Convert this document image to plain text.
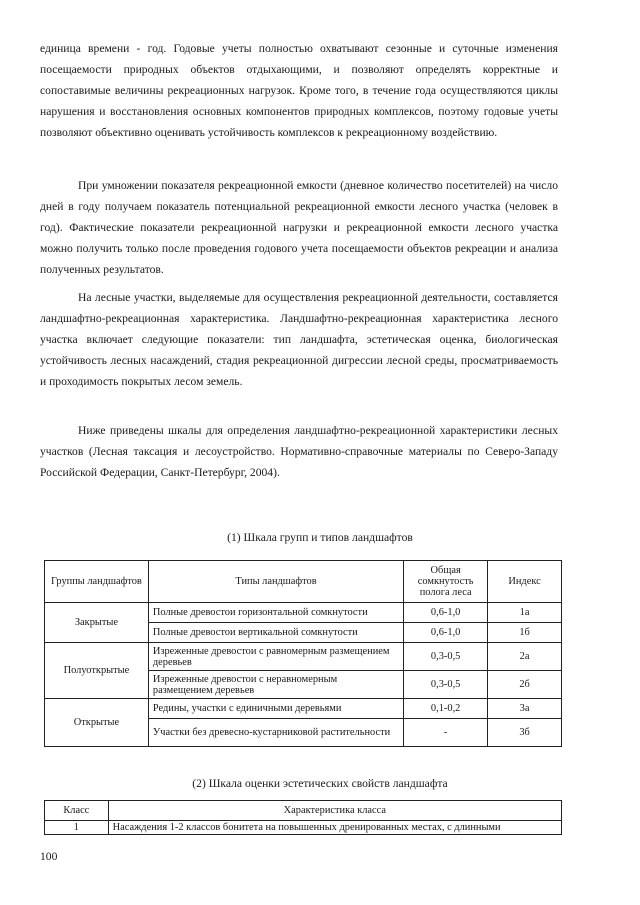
единица времени - год. Годовые учеты полностью охватывают сезонные и суточные изменения посещаемости природных объектов отдыхающими, и позволяют определять корректные и сопоставимые величины рекреационных нагрузок. Кроме того, в течение года осуществляются циклы нарушения и восстановления основных компонентов природных комплексов, поэтому годовые учеты позволяют объективно оценивать устойчивость комплексов к рекреационному воздействию.

При умножении показателя рекреационной емкости (дневное количество посетителей) на число дней в году получаем показатель потенциальной рекреационной емкости лесного участка (человек в год). Фактические показатели рекреационной нагрузки и рекреационной емкости лесного участка можно получить только после проведения годового учета посещаемости объектов рекреации и анализа полученных результатов.

На лесные участки, выделяемые для осуществления рекреационной деятельности, составляется ландшафтно-рекреационная характеристика. Ландшафтно-рекреационная характеристика лесного участка включает следующие показатели: тип ландшафта, эстетическая оценка, биологическая устойчивость лесных насаждений, стадия рекреационной дигрессии лесной среды, просматриваемость и проходимость покрытых лесом земель.

Ниже приведены шкалы для определения ландшафтно-рекреационной характеристики лесных участков (Лесная таксация и лесоустройство. Нормативно-справочные материалы по Северо-Западу Российской Федерации, Санкт-Петербург, 2004).

(1) Шкала групп и типов ландшафтов
Группы ландшафтов	Типы ландшафтов	Общая сомкнутость полога леса	Индекс
Закрытые	Полные древостои горизонтальной сомкнутости	0,6-1,0	1а
	Полные древостои вертикальной сомкнутости	0,6-1,0	1б
Полуоткрытые	Изреженные древостои с равномерным размещением деревьев	0,3-0,5	2а
	Изреженные древостои с неравномерным размещением деревьев	0,3-0,5	2б
Открытые	Редины, участки с единичными деревьями	0,1-0,2	3а
	Участки без древесно-кустарниковой растительности	-	3б
(2) Шкала оценки эстетических свойств ландшафта
Класс	Характеристика класса
1	Насаждения 1-2 классов бонитета на повышенных дренированных местах, с длинными
100
